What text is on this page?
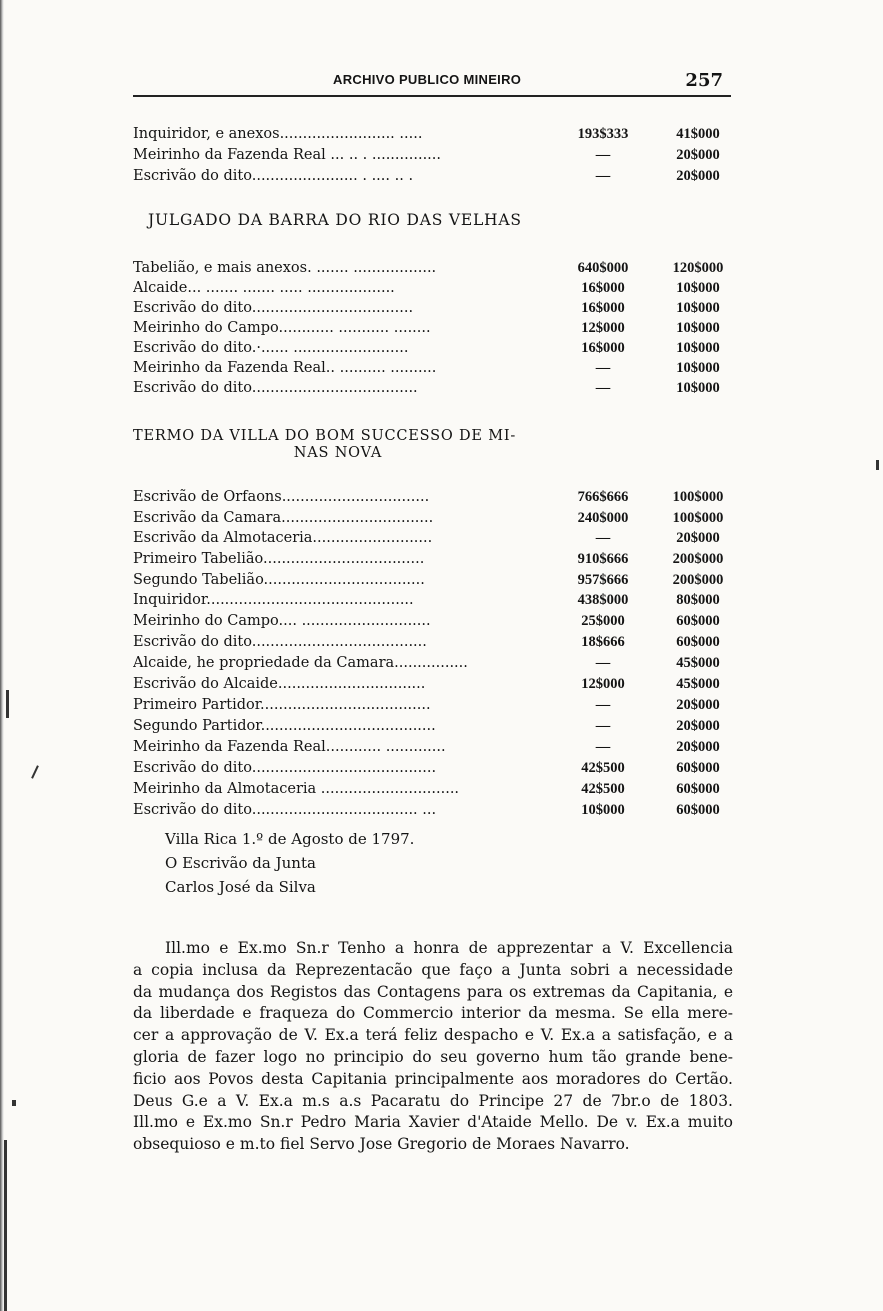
ARCHIVO PUBLICO MINEIRO	257
Inquiridor, e anexos......................... .....	193$333	41$000
Meirinho da Fazenda Real ... .. . ...............	—	20$000
Escrivão do dito....................... . .... .. .	—	20$000
JULGADO DA BARRA DO RIO DAS VELHAS
Tabelião, e mais anexos. ....... ..................	640$000	120$000
Alcaide... ....... ....... ..... ...................	16$000	10$000
Escrivão do dito...................................	16$000	10$000
Meirinho do Campo............ ........... ........	12$000	10$000
Escrivão do dito.·...... .........................	16$000	10$000
Meirinho da Fazenda Real.. .......... ..........	—	10$000
Escrivão do dito....................................	—	10$000
TERMO DA VILLA DO BOM SUCCESSO DE MI-
NAS NOVA
Escrivão de Orfaons................................	766$666	100$000
Escrivão da Camara.................................	240$000	100$000
Escrivão da Almotaceria..........................	—	20$000
Primeiro Tabelião...................................	910$666	200$000
Segundo Tabelião...................................	957$666	200$000
Inquiridor.............................................	438$000	80$000
Meirinho do Campo.... ............................	25$000	60$000
Escrivão do dito......................................	18$666	60$000
Alcaide, he propriedade da Camara................	—	45$000
Escrivão do Alcaide................................	12$000	45$000
Primeiro Partidor.....................................	—	20$000
Segundo Partidor......................................	—	20$000
Meirinho da Fazenda Real............ .............	—	20$000
Escrivão do dito........................................	42$500	60$000
Meirinho da Almotaceria ..............................	42$500	60$000
Escrivão do dito.................................... ...	10$000	60$000
Villa Rica 1.º de Agosto de 1797.
O Escrivão da Junta
Carlos José da Silva
Ill.mo e Ex.mo Sn.r Tenho a honra de apprezentar a V. Excellencia
a copia inclusa da Reprezentacão que faço a Junta sobri a necessidade
da mudança dos Registos das Contagens para os extremas da Capitania, e
da liberdade e fraqueza do Commercio interior da mesma. Se ella mere-
cer a approvação de V. Ex.a terá feliz despacho e V. Ex.a a satisfação, e a
gloria de fazer logo no principio do seu governo hum tão grande bene-
ficio aos Povos desta Capitania principalmente aos moradores do Certão.
Deus G.e a V. Ex.a m.s a.s Pacaratu do Principe 27 de 7br.o de 1803.
Ill.mo e Ex.mo Sn.r Pedro Maria Xavier d'Ataide Mello. De v. Ex.a muito
obsequioso e m.to fiel Servo Jose Gregorio de Moraes Navarro.
